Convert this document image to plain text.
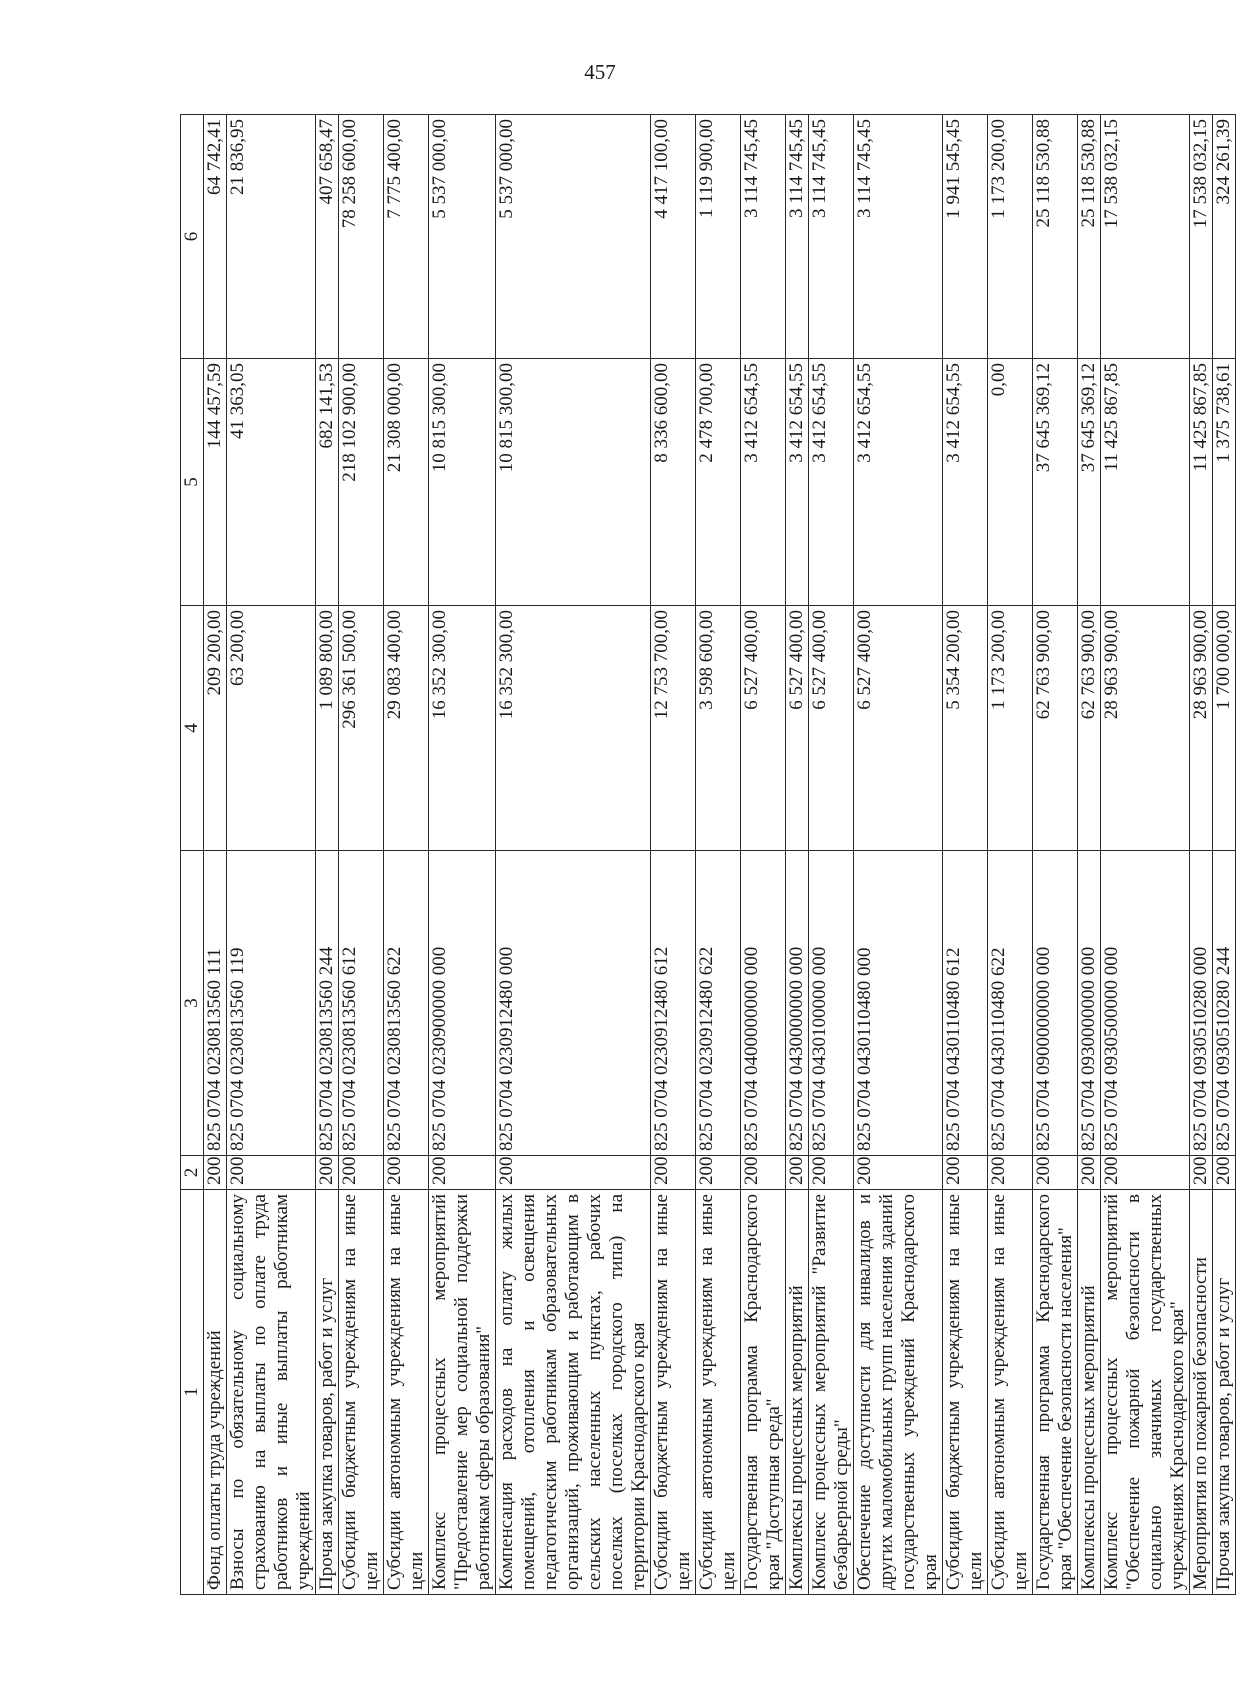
457
1	2	3	4	5	6
Фонд оплаты труда учреждений	200	825 0704 0230813560 111	209 200,00	144 457,59	64 742,41
Взносы по обязательному социальному страхованию на выплаты по оплате труда работников и иные выплаты работникам учреждений	200	825 0704 0230813560 119	63 200,00	41 363,05	21 836,95
Прочая закупка товаров, работ и услуг	200	825 0704 0230813560 244	1 089 800,00	682 141,53	407 658,47
Субсидии бюджетным учреждениям на иные цели	200	825 0704 0230813560 612	296 361 500,00	218 102 900,00	78 258 600,00
Субсидии автономным учреждениям на иные цели	200	825 0704 0230813560 622	29 083 400,00	21 308 000,00	7 775 400,00
Комплекс процессных мероприятий "Предоставление мер социальной поддержки работникам сферы образования"	200	825 0704 0230900000 000	16 352 300,00	10 815 300,00	5 537 000,00
Компенсация расходов на оплату жилых помещений, отопления и освещения педагогическим работникам образовательных организаций, проживающим и работающим в сельских населенных пунктах, рабочих поселках (поселках городского типа) на территории Краснодарского края	200	825 0704 0230912480 000	16 352 300,00	10 815 300,00	5 537 000,00
Субсидии бюджетным учреждениям на иные цели	200	825 0704 0230912480 612	12 753 700,00	8 336 600,00	4 417 100,00
Субсидии автономным учреждениям на иные цели	200	825 0704 0230912480 622	3 598 600,00	2 478 700,00	1 119 900,00
Государственная программа Краснодарского края "Доступная среда"	200	825 0704 0400000000 000	6 527 400,00	3 412 654,55	3 114 745,45
Комплексы процессных мероприятий	200	825 0704 0430000000 000	6 527 400,00	3 412 654,55	3 114 745,45
Комплекс процессных мероприятий "Развитие безбарьерной среды"	200	825 0704 0430100000 000	6 527 400,00	3 412 654,55	3 114 745,45
Обеспечение доступности для инвалидов и других маломобильных групп населения зданий государственных учреждений Краснодарского края	200	825 0704 0430110480 000	6 527 400,00	3 412 654,55	3 114 745,45
Субсидии бюджетным учреждениям на иные цели	200	825 0704 0430110480 612	5 354 200,00	3 412 654,55	1 941 545,45
Субсидии автономным учреждениям на иные цели	200	825 0704 0430110480 622	1 173 200,00	0,00	1 173 200,00
Государственная программа Краснодарского края "Обеспечение безопасности населения"	200	825 0704 0900000000 000	62 763 900,00	37 645 369,12	25 118 530,88
Комплексы процессных мероприятий	200	825 0704 0930000000 000	62 763 900,00	37 645 369,12	25 118 530,88
Комплекс процессных мероприятий "Обеспечение пожарной безопасности в социально значимых государственных учреждениях Краснодарского края"	200	825 0704 0930500000 000	28 963 900,00	11 425 867,85	17 538 032,15
Мероприятия по пожарной безопасности	200	825 0704 0930510280 000	28 963 900,00	11 425 867,85	17 538 032,15
Прочая закупка товаров, работ и услуг	200	825 0704 0930510280 244	1 700 000,00	1 375 738,61	324 261,39
